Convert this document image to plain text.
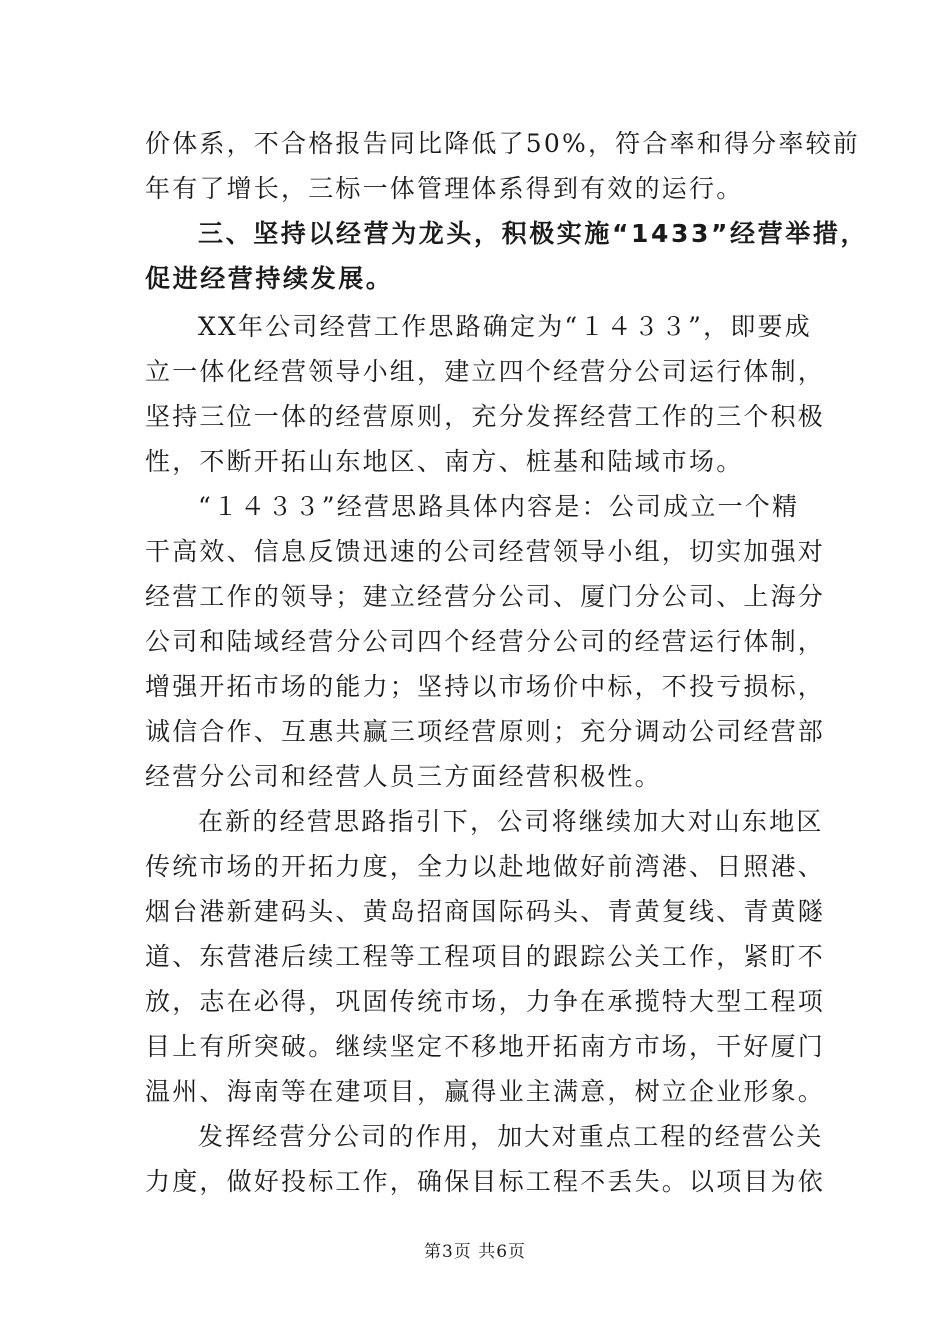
价体系，不合格报告同比降低了50%，符合率和得分率较前
年有了增长，三标一体管理体系得到有效的运行。
三、坚持以经营为龙头，积极实施“1433”经营举措，
促进经营持续发展。
XX年公司经营工作思路确定为“１４３３”，即要成
立一体化经营领导小组，建立四个经营分公司运行体制，
坚持三位一体的经营原则，充分发挥经营工作的三个积极
性，不断开拓山东地区、南方、桩基和陆域市场。
“１４３３”经营思路具体内容是：公司成立一个精
干高效、信息反馈迅速的公司经营领导小组，切实加强对
经营工作的领导；建立经营分公司、厦门分公司、上海分
公司和陆域经营分公司四个经营分公司的经营运行体制，
增强开拓市场的能力；坚持以市场价中标，不投亏损标，
诚信合作、互惠共赢三项经营原则；充分调动公司经营部
经营分公司和经营人员三方面经营积极性。
在新的经营思路指引下，公司将继续加大对山东地区
传统市场的开拓力度，全力以赴地做好前湾港、日照港、
烟台港新建码头、黄岛招商国际码头、青黄复线、青黄隧
道、东营港后续工程等工程项目的跟踪公关工作，紧盯不
放，志在必得，巩固传统市场，力争在承揽特大型工程项
目上有所突破。继续坚定不移地开拓南方市场，干好厦门
温州、海南等在建项目，赢得业主满意，树立企业形象。
发挥经营分公司的作用，加大对重点工程的经营公关
力度，做好投标工作，确保目标工程不丢失。以项目为依
第3页 共6页
